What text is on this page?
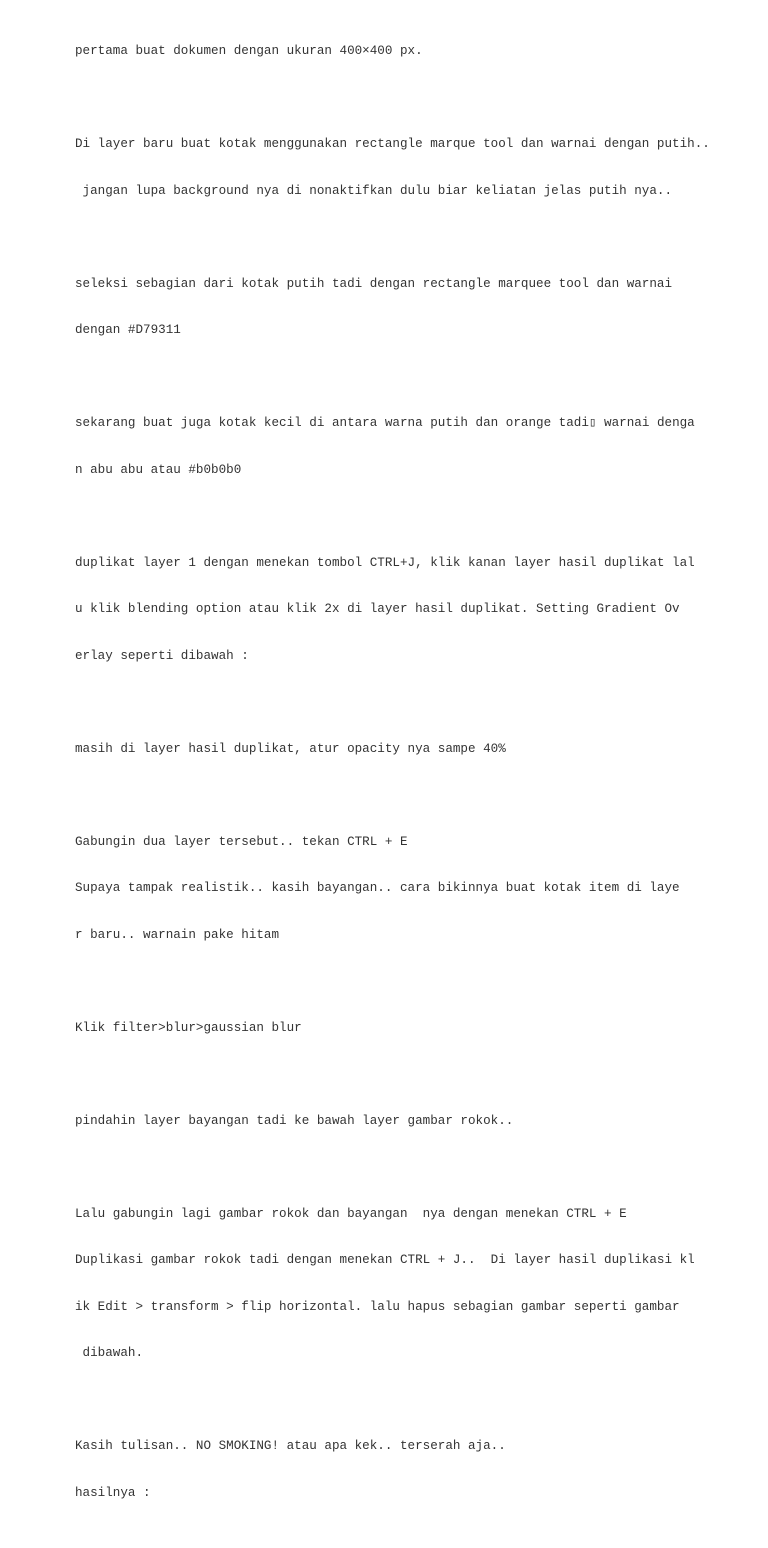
pertama buat dokumen dengan ukuran 400×400 px.

Di layer baru buat kotak menggunakan rectangle marque tool dan warnai dengan putih..

jangan lupa background nya di nonaktifkan dulu biar keliatan jelas putih nya..

seleksi sebagian dari kotak putih tadi dengan rectangle marquee tool dan warnai

dengan #D79311

sekarang buat juga kotak kecil di antara warna putih dan orange tadi▯ warnai denga

n abu abu atau #b0b0b0

duplikat layer 1 dengan menekan tombol CTRL+J, klik kanan layer hasil duplikat lal

u klik blending option atau klik 2x di layer hasil duplikat. Setting Gradient Ov

erlay seperti dibawah :

masih di layer hasil duplikat, atur opacity nya sampe 40%

Gabungin dua layer tersebut.. tekan CTRL + E

Supaya tampak realistik.. kasih bayangan.. cara bikinnya buat kotak item di laye

r baru.. warnain pake hitam

Klik filter>blur>gaussian blur

pindahin layer bayangan tadi ke bawah layer gambar rokok..

Lalu gabungin lagi gambar rokok dan bayangan  nya dengan menekan CTRL + E

Duplikasi gambar rokok tadi dengan menekan CTRL + J..  Di layer hasil duplikasi kl

ik Edit > transform > flip horizontal. lalu hapus sebagian gambar seperti gambar

dibawah.

Kasih tulisan.. NO SMOKING! atau apa kek.. terserah aja..

hasilnya :
